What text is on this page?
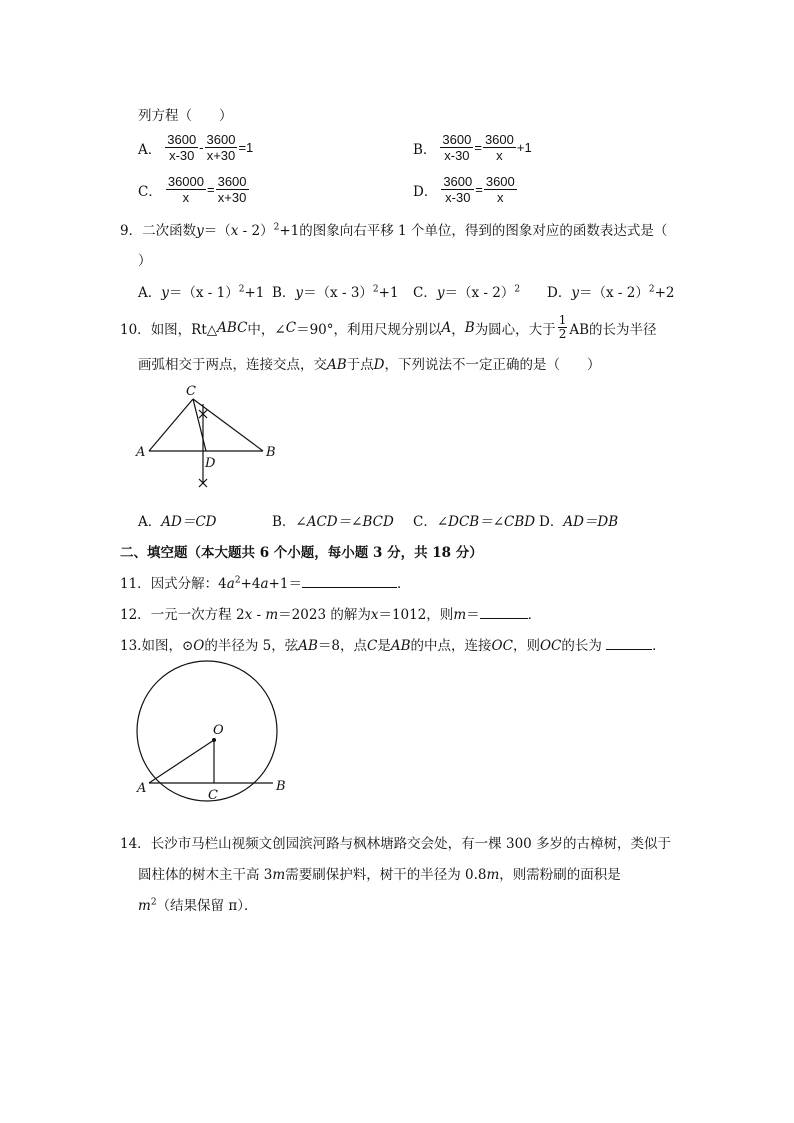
列方程（　　）
A． $\frac{3600}{x-30} - \frac{3600}{x+30} =1$	B． $\frac{3600}{x-30} = \frac{3600}{x} +1$
C． $\frac{36000}{x} = \frac{3600}{x+30}$	D． $\frac{3600}{x-30} = \frac{3600}{x}$
9．二次函数y＝（x - 2）$^2$+1的图象向右平移 1 个单位，得到的图象对应的函数表达式是（
）
A．y＝（x - 1）$^2$+1 B．y＝（x - 3）$^2$+1 C．y＝（x - 2）$^2$ D．y＝（x - 2）$^2$+2
10． 如图，Rt△ ABC 中，∠ C ＝90°，利用尺规分别以 A ， B 为圆心，大于 $\frac{1}{2}$ AB的长为半径
画弧相交于两点，连接交点，交AB于点D，下列说法不一定正确的是（　　）
C
A	B
D
A．AD＝CD	B．∠ACD＝∠BCD C．∠DCB＝∠CBD D．AD＝DB
二、填空题（本大题共 6 个小题，每小题 3 分，共 18 分）
11．因式分解：$4a^2+4a+1=$	．
12．一元一次方程 2x - m＝2023 的解为x＝1012，则m＝	．
13.如图，⊙O的半径为 5，弦AB＝8，点C是AB的中点，连接OC，则OC的长为	．
O
A	B
C
14．长沙市马栏山视频文创园滨河路与枫林塘路交会处，有一棵 300 多岁的古樟树，类似于
圆柱体的树木主干高 3m需要刷保护料，树干的半径为 0.8m，则需粉刷的面积是
$m^2$（结果保留 π）．
